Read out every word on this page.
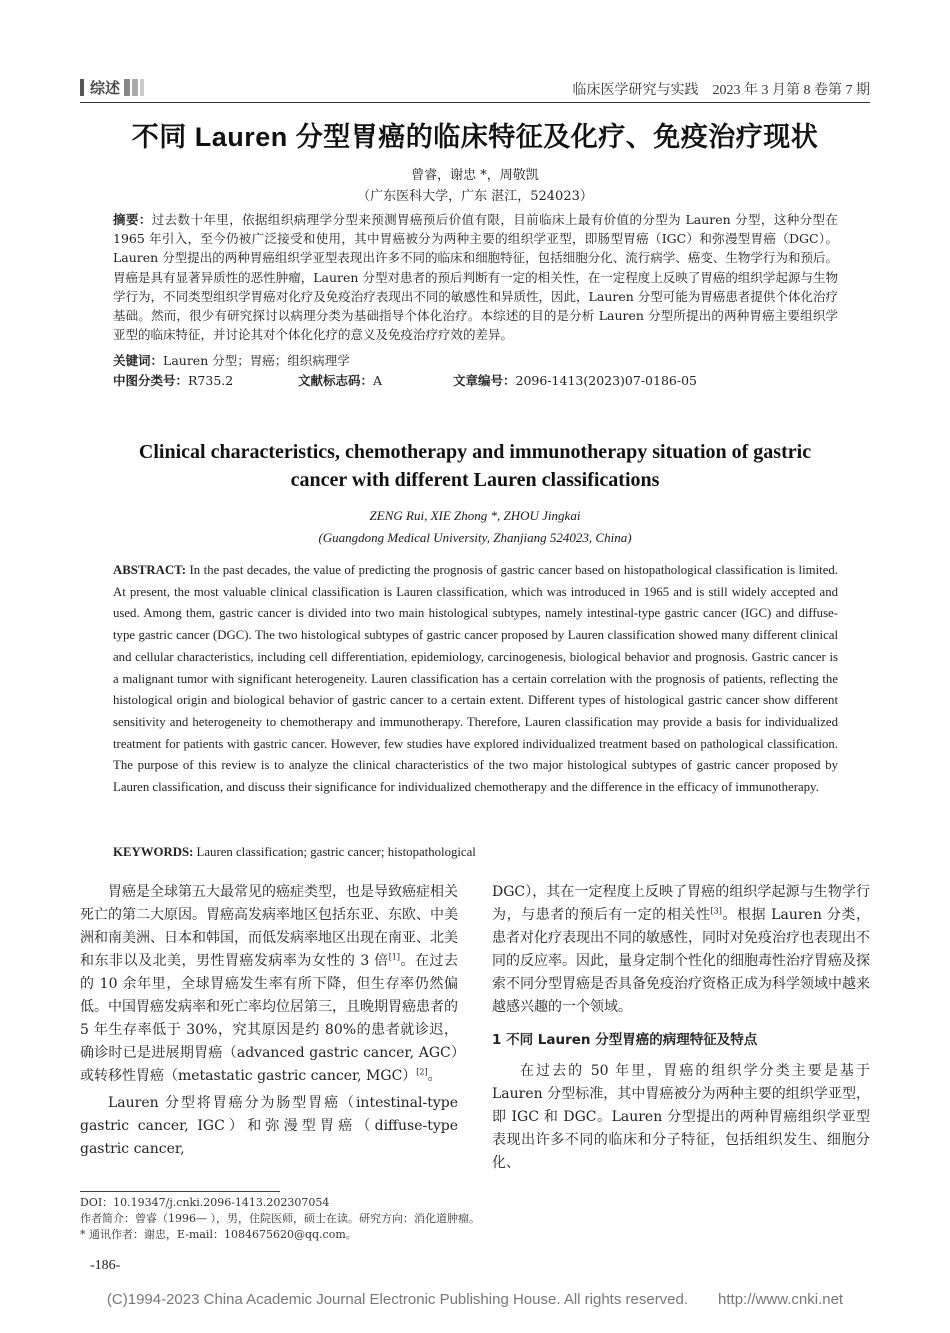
综述	临床医学研究与实践　2023 年 3 月第 8 卷第 7 期
不同 Lauren 分型胃癌的临床特征及化疗、免疫治疗现状
曾睿，谢忠 *，周敬凯
（广东医科大学，广东 湛江，524023）
摘要：过去数十年里，依据组织病理学分型来预测胃癌预后价值有限，目前临床上最有价值的分型为 Lauren 分型，这种分型在 1965 年引入，至今仍被广泛接受和使用，其中胃癌被分为两种主要的组织学亚型，即肠型胃癌（IGC）和弥漫型胃癌（DGC）。Lauren 分型提出的两种胃癌组织学亚型表现出许多不同的临床和细胞特征，包括细胞分化、流行病学、癌变、生物学行为和预后。胃癌是具有显著异质性的恶性肿瘤，Lauren 分型对患者的预后判断有一定的相关性，在一定程度上反映了胃癌的组织学起源与生物学行为，不同类型组织学胃癌对化疗及免疫治疗表现出不同的敏感性和异质性，因此，Lauren 分型可能为胃癌患者提供个体化治疗基础。然而，很少有研究探讨以病理分类为基础指导个体化治疗。本综述的目的是分析 Lauren 分型所提出的两种胃癌主要组织学亚型的临床特征，并讨论其对个体化化疗的意义及免疫治疗疗效的差异。
关键词：Lauren 分型；胃癌；组织病理学
中图分类号：R735.2	文献标志码：A	文章编号：2096-1413(2023)07-0186-05
Clinical characteristics, chemotherapy and immunotherapy situation of gastric cancer with different Lauren classifications
ZENG Rui, XIE Zhong *, ZHOU Jingkai
(Guangdong Medical University, Zhanjiang 524023, China)
ABSTRACT: In the past decades, the value of predicting the prognosis of gastric cancer based on histopathological classification is limited. At present, the most valuable clinical classification is Lauren classification, which was introduced in 1965 and is still widely accepted and used. Among them, gastric cancer is divided into two main histological subtypes, namely intestinal-type gastric cancer (IGC) and diffuse-type gastric cancer (DGC). The two histological subtypes of gastric cancer proposed by Lauren classification showed many different clinical and cellular characteristics, including cell differentiation, epidemiology, carcinogenesis, biological behavior and prognosis. Gastric cancer is a malignant tumor with significant heterogeneity. Lauren classification has a certain correlation with the prognosis of patients, reflecting the histological origin and biological behavior of gastric cancer to a certain extent. Different types of histological gastric cancer show different sensitivity and heterogeneity to chemotherapy and immunotherapy. Therefore, Lauren classification may provide a basis for individualized treatment for patients with gastric cancer. However, few studies have explored individualized treatment based on pathological classification. The purpose of this review is to analyze the clinical characteristics of the two major histological subtypes of gastric cancer proposed by Lauren classification, and discuss their significance for individualized chemotherapy and the difference in the efficacy of immunotherapy.
KEYWORDS: Lauren classification; gastric cancer; histopathological

胃癌是全球第五大最常见的癌症类型，也是导致癌症相关死亡的第二大原因。胃癌高发病率地区包括东亚、东欧、中美洲和南美洲、日本和韩国，而低发病率地区出现在南亚、北美和东非以及北美，男性胃癌发病率为女性的 3 倍[1]。在过去的 10 余年里，全球胃癌发生率有所下降，但生存率仍然偏低。中国胃癌发病率和死亡率均位居第三，且晚期胃癌患者的 5 年生存率低于 30%，究其原因是约 80%的患者就诊迟，确诊时已是进展期胃癌（advanced gastric cancer, AGC）或转移性胃癌（metastatic gastric cancer, MGC）[2]。

Lauren 分型将胃癌分为肠型胃癌（intestinal-type gastric cancer, IGC）和弥漫型胃癌（diffuse-type gastric cancer,

DGC），其在一定程度上反映了胃癌的组织学起源与生物学行为，与患者的预后有一定的相关性[3]。根据 Lauren 分类，患者对化疗表现出不同的敏感性，同时对免疫治疗也表现出不同的反应率。因此，量身定制个性化的细胞毒性治疗胃癌及探索不同分型胃癌是否具备免疫治疗资格正成为科学领域中越来越感兴趣的一个领域。

1 不同 Lauren 分型胃癌的病理特征及特点

在过去的 50 年里，胃癌的组织学分类主要是基于 Lauren 分型标准，其中胃癌被分为两种主要的组织学亚型，即 IGC 和 DGC。Lauren 分型提出的两种胃癌组织学亚型表现出许多不同的临床和分子特征，包括组织发生、细胞分化、

DOI：10.19347/j.cnki.2096-1413.202307054
作者简介：曾睿（1996— ），男，住院医师，硕士在读。研究方向：消化道肿瘤。
* 通讯作者：谢忠，E-mail：1084675620@qq.com。
-186-
(C)1994-2023 China Academic Journal Electronic Publishing House. All rights reserved.　　http://www.cnki.net
